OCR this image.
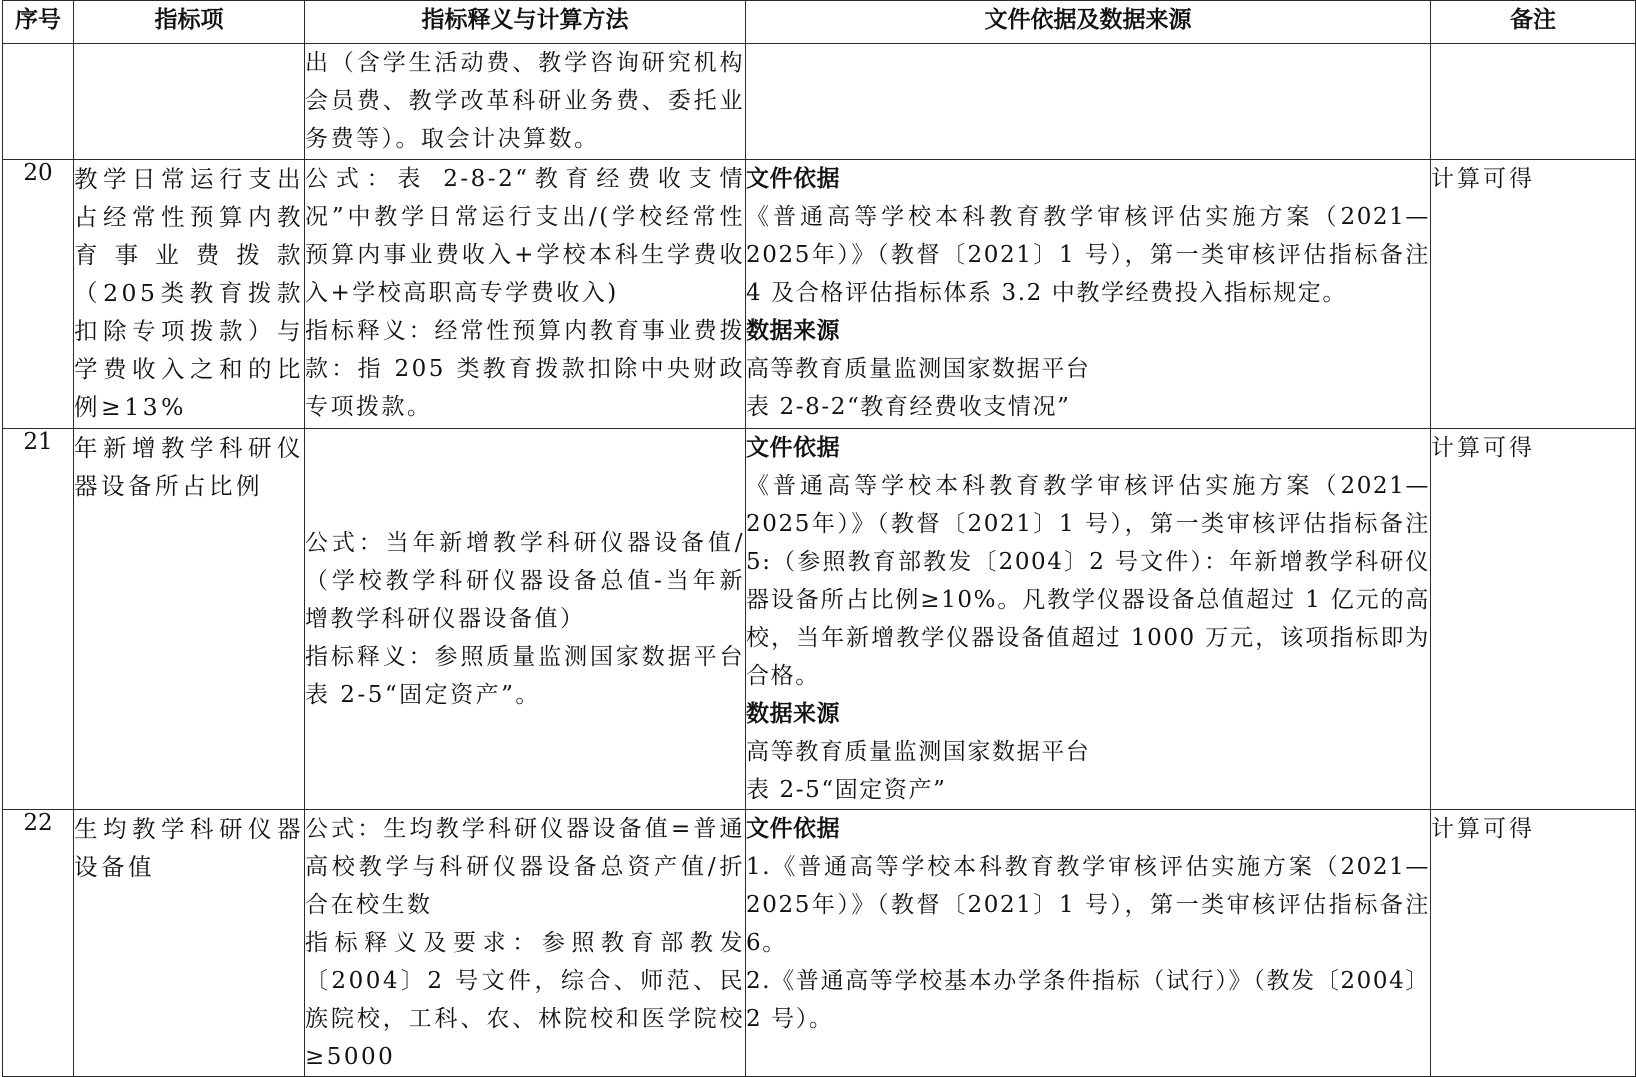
序号	指标项	指标释义与计算方法	文件依据及数据来源	备注

		出（含学生活动费、教学咨询研究机构会员费、教学改革科研业务费、委托业务费等）。取会计决算数。		

20	教学日常运行支出占经常性预算内教育事业费拨款（205类教育拨款扣除专项拨款）与学费收入之和的比例≥13%	公式：表 2-8-2“教育经费收支情况”中教学日常运行支出/(学校经常性预算内事业费收入+学校本科生学费收入+学校高职高专学费收入)
指标释义：经常性预算内教育事业费拨款：指 205 类教育拨款扣除中央财政专项拨款。	文件依据
《普通高等学校本科教育教学审核评估实施方案（2021—2025年）》（教督〔2021〕1 号），第一类审核评估指标备注 4 及合格评估指标体系 3.2 中教学经费投入指标规定。
数据来源
高等教育质量监测国家数据平台
表 2-8-2“教育经费收支情况”	计算可得
21	年新增教学科研仪器设备所占比例	公式：当年新增教学科研仪器设备值/（学校教学科研仪器设备总值-当年新增教学科研仪器设备值）
指标释义：参照质量监测国家数据平台表 2-5“固定资产”。	文件依据
《普通高等学校本科教育教学审核评估实施方案（2021—2025年）》（教督〔2021〕1 号），第一类审核评估指标备注 5:（参照教育部教发〔2004〕2 号文件）：年新增教学科研仪器设备所占比例≥10%。凡教学仪器设备总值超过 1 亿元的高校，当年新增教学仪器设备值超过 1000 万元，该项指标即为合格。
数据来源
高等教育质量监测国家数据平台
表 2-5“固定资产”	计算可得
22	生均教学科研仪器设备值	公式：生均教学科研仪器设备值=普通高校教学与科研仪器设备总资产值/折合在校生数
指标释义及要求：参照教育部教发〔2004〕2 号文件，综合、师范、民族院校，工科、农、林院校和医学院校≥5000	文件依据
1.《普通高等学校本科教育教学审核评估实施方案（2021—2025年）》（教督〔2021〕1 号），第一类审核评估指标备注 6。
2.《普通高等学校基本办学条件指标（试行）》（教发〔2004〕2 号）。	计算可得
